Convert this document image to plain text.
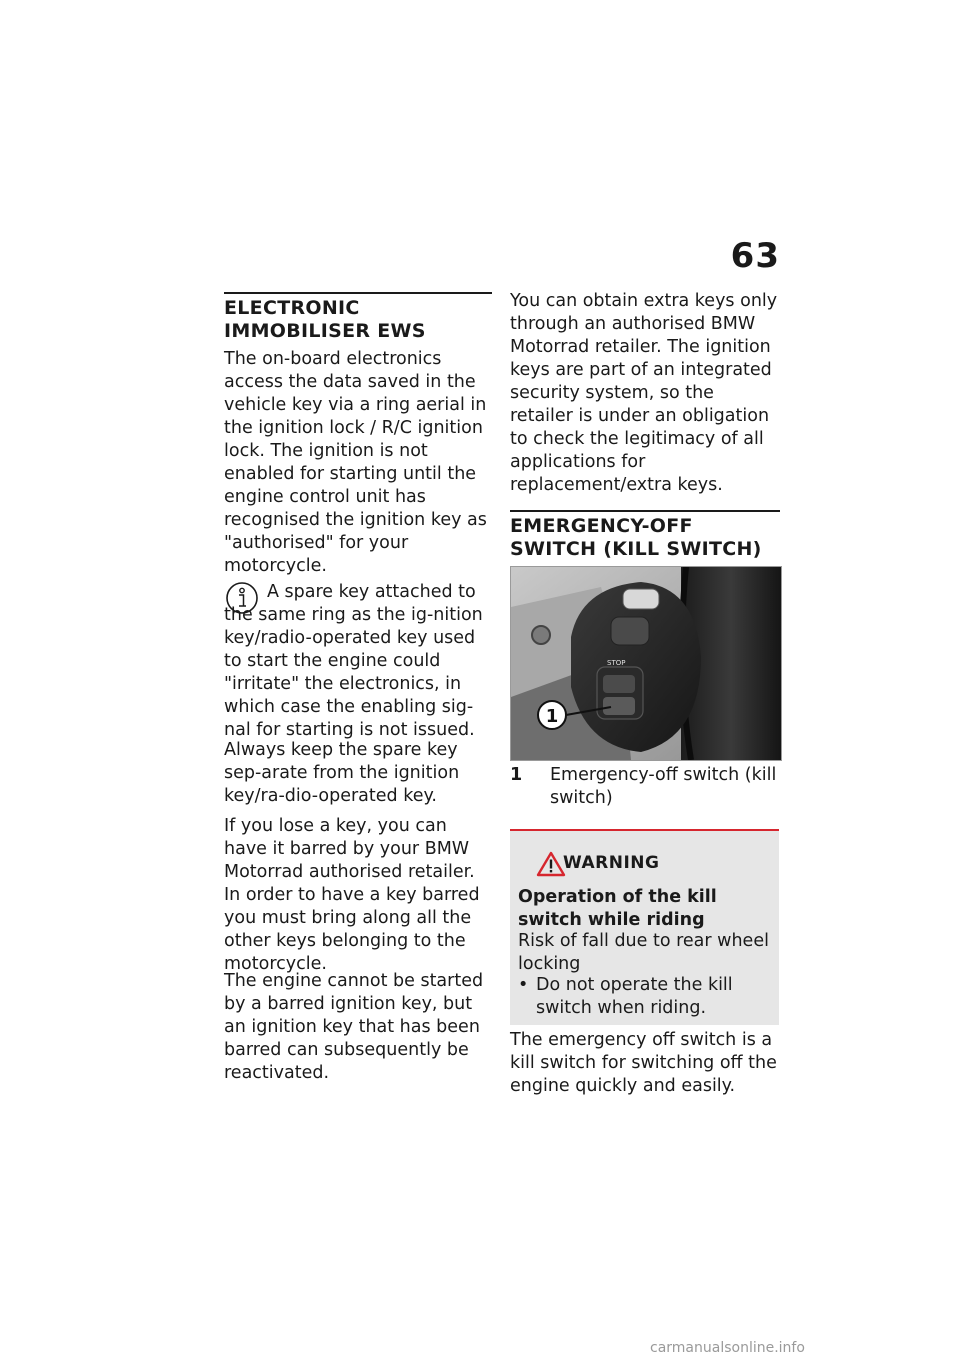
63
ELECTRONIC IMMOBILISER EWS

The on-board electronics access the data saved in the vehicle key via a ring aerial in the ignition lock / R/C ignition lock. The ignition is not enabled for starting until the engine control unit has recognised the ignition key as "authorised" for your motorcycle.

A spare key attached to the same ring as the ig-nition key/radio-operated key used to start the engine could "irritate" the electronics, in which case the enabling sig-nal for starting is not issued.

Always keep the spare key sep-arate from the ignition key/ra-dio-operated key.

If you lose a key, you can have it barred by your BMW Motorrad authorised retailer. In order to have a key barred you must bring along all the other keys belonging to the motorcycle.

The engine cannot be started by a barred ignition key, but an ignition key that has been barred can subsequently be reactivated.

You can obtain extra keys only through an authorised BMW Motorrad retailer. The ignition keys are part of an integrated security system, so the retailer is under an obligation to check the legitimacy of all applications for replacement/extra keys.

EMERGENCY-OFF SWITCH (KILL SWITCH)
STOP
1
1 Emergency-off switch (kill switch)

WARNING

Operation of the kill switch while riding

Risk of fall due to rear wheel locking

• Do not operate the kill switch when riding.

The emergency off switch is a kill switch for switching off the engine quickly and easily.

carmanualsonline.info
